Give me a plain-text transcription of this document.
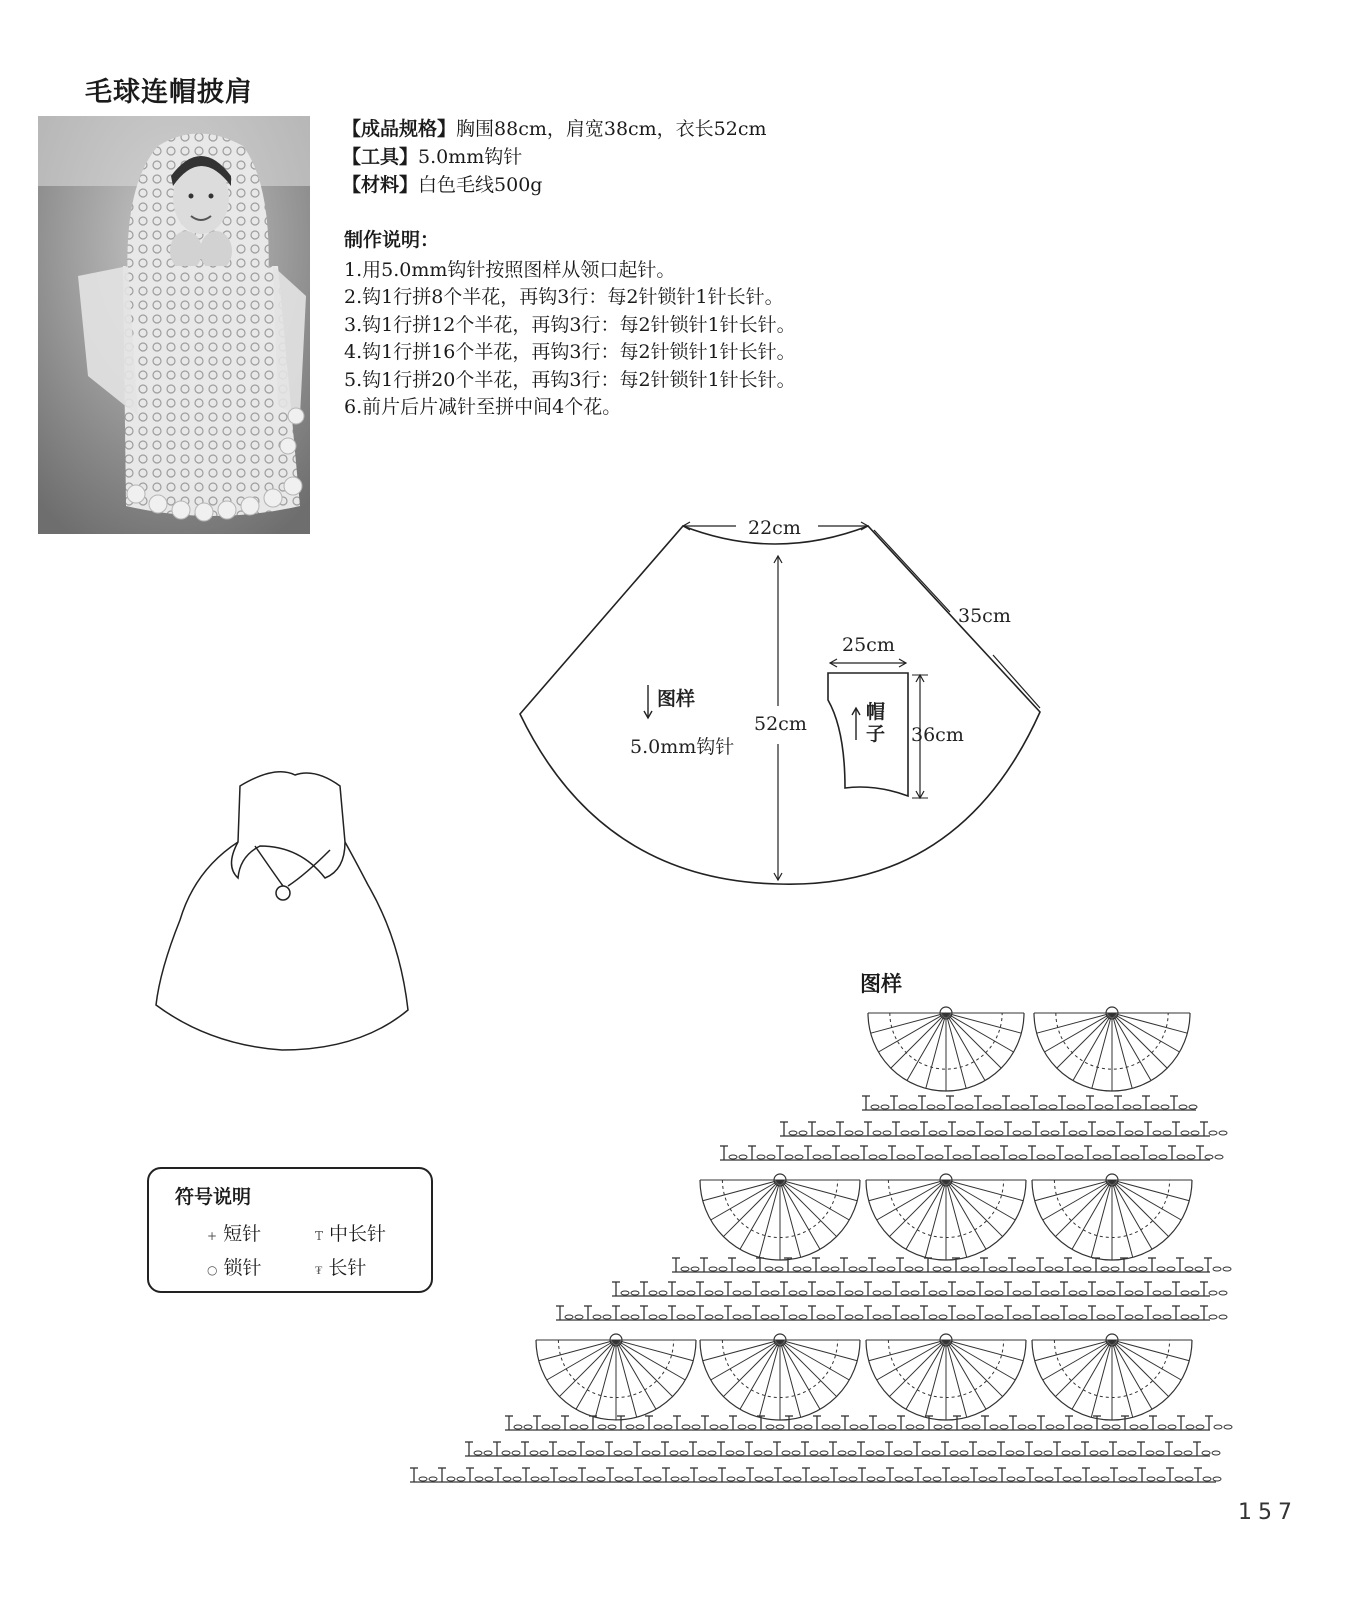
毛球连帽披肩
【成品规格】胸围88cm，肩宽38cm，衣长52cm
【工具】5.0mm钩针
【材料】白色毛线500g
制作说明：
1.用5.0mm钩针按照图样从领口起针。
2.钩1行拼8个半花，再钩3行：每2针锁针1针长针。
3.钩1行拼12个半花，再钩3行：每2针锁针1针长针。
4.钩1行拼16个半花，再钩3行：每2针锁针1针长针。
5.钩1行拼20个半花，再钩3行：每2针锁针1针长针。
6.前片后片减针至拼中间4个花。
22cm
35cm
52cm
25cm
36cm
帽
子
图样
5.0mm钩针
符号说明
+ 短针	T 中长针
○ 锁针	₮ 长针
图样
157
